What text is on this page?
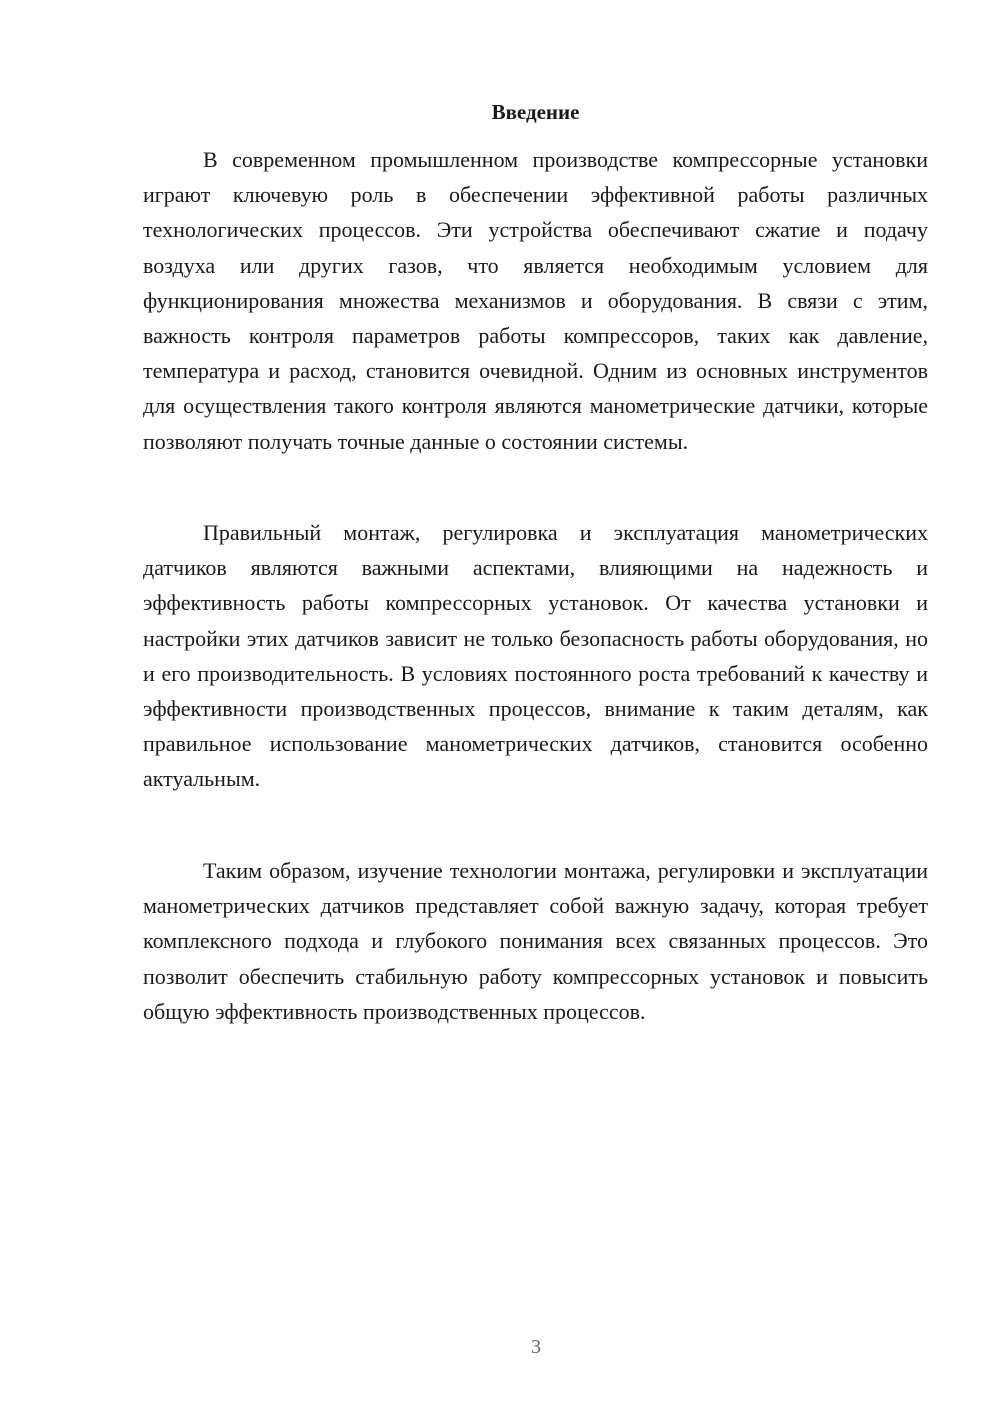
Введение

В современном промышленном производстве компрессорные установки играют ключевую роль в обеспечении эффективной работы различных технологических процессов. Эти устройства обеспечивают сжатие и подачу воздуха или других газов, что является необходимым условием для функционирования множества механизмов и оборудования. В связи с этим, важность контроля параметров работы компрессоров, таких как давление, температура и расход, становится очевидной. Одним из основных инструментов для осуществления такого контроля являются манометрические датчики, которые позволяют получать точные данные о состоянии системы.

Правильный монтаж, регулировка и эксплуатация манометрических датчиков являются важными аспектами, влияющими на надежность и эффективность работы компрессорных установок. От качества установки и настройки этих датчиков зависит не только безопасность работы оборудования, но и его производительность. В условиях постоянного роста требований к качеству и эффективности производственных процессов, внимание к таким деталям, как правильное использование манометрических датчиков, становится особенно актуальным.

Таким образом, изучение технологии монтажа, регулировки и эксплуатации манометрических датчиков представляет собой важную задачу, которая требует комплексного подхода и глубокого понимания всех связанных процессов. Это позволит обеспечить стабильную работу компрессорных установок и повысить общую эффективность производственных процессов.

3
